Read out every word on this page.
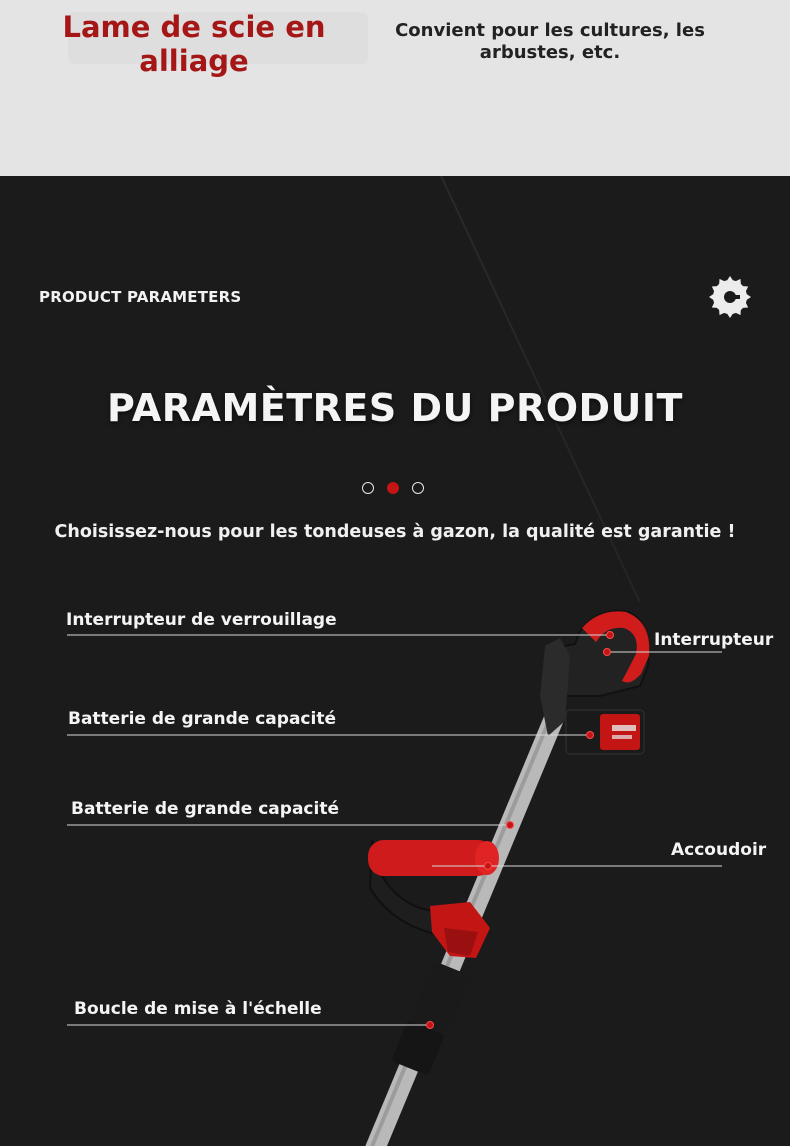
Lame de scie en alliage
Convient pour les cultures, les arbustes, etc.
PRODUCT PARAMETERS
PARAMÈTRES DU PRODUIT
Choisissez-nous pour les tondeuses à gazon, la qualité est garantie !
Interrupteur de verrouillage
Interrupteur
Batterie de grande capacité
Batterie de grande capacité
Accoudoir
Boucle de mise à l'échelle
